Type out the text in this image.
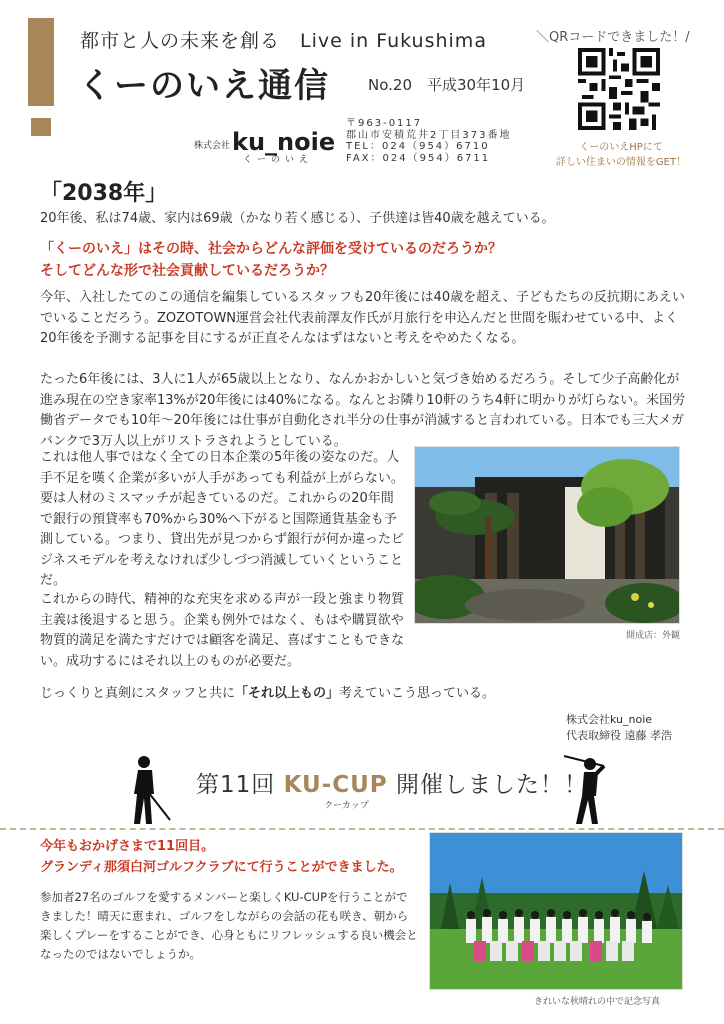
都市と人の未来を創る　Live in Fukushima
くーのいえ通信	No.20　平成30年10月
株式会社 ku_noie
くーのいえ
〒963-0117
郡山市安積荒井2丁目373番地
TEL：024（954）6710
FAX：024（954）6711
＼QRコードできました！/
くーのいえHPにて
詳しい住まいの情報をGET！
「2038年」
20年後、私は74歳、家内は69歳（かなり若く感じる）、子供達は皆40歳を越えている。
「くーのいえ」はその時、社会からどんな評価を受けているのだろうか？
そしてどんな形で社会貢献しているだろうか？
今年、入社したてのこの通信を編集しているスタッフも20年後には40歳を超え、子どもたちの反抗期にあえいでいることだろう。ZOZOTOWN運営会社代表前澤友作氏が月旅行を申込んだと世間を賑わせている中、よく20年後を予測する記事を目にするが正直そんなはずはないと考えをやめたくなる。
たった6年後には、3人に1人が65歳以上となり、なんかおかしいと気づき始めるだろう。そして少子高齢化が進み現在の空き家率13%が20年後には40%になる。なんとお隣り10軒のうち4軒に明かりが灯らない。米国労働省データでも10年～20年後には仕事が自動化され半分の仕事が消滅すると言われている。日本でも三大メガバンクで3万人以上がリストラされようとしている。
これは他人事ではなく全ての日本企業の5年後の姿なのだ。人手不足を嘆く企業が多いが人手があっても利益が上がらない。要は人材のミスマッチが起きているのだ。これからの20年間で銀行の預貸率も70%から30%へ下がると国際通貨基金も予測している。つまり、貸出先が見つからず銀行が何か違ったビジネスモデルを考えなければ少しづつ消滅していくということだ。
これからの時代、精神的な充実を求める声が一段と強まり物質主義は後退すると思う。企業も例外ではなく、もはや購買欲や物質的満足を満たすだけでは顧客を満足、喜ばすこともできない。成功するにはそれ以上のものが必要だ。
じっくりと真剣にスタッフと共に「それ以上もの」考えていこう思っている。
開成店：外観
株式会社ku_noie
代表取締役 遠藤 孝浩
第11回 KU-CUP 開催しました！！
クーカップ
今年もおかげさまで11回目。
グランディ那須白河ゴルフクラブにて行うことができました。
参加者27名のゴルフを愛するメンバーと楽しくKU-CUPを行うことができました！晴天に恵まれ、ゴルフをしながらの会話の花も咲き、朝から楽しくプレーをすることができ、心身ともにリフレッシュする良い機会となったのではないでしょうか。
きれいな秋晴れの中で記念写真
